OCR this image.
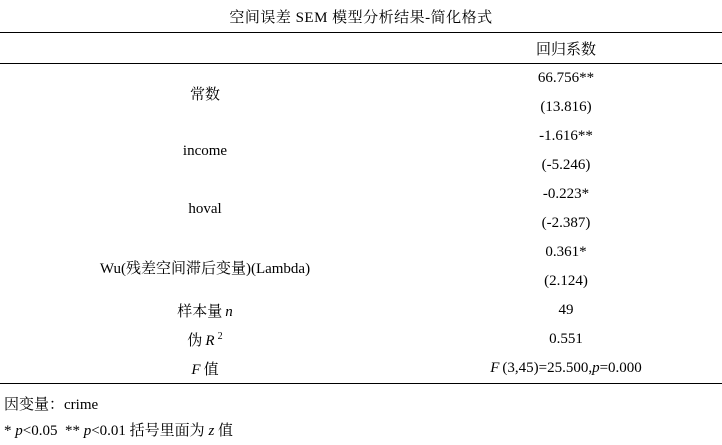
空间误差 SEM 模型分析结果-简化格式
	回归系数
常数	66.756**
	(13.816)
income	-1.616**
	(-5.246)
hoval	-0.223*
	(-2.387)
Wu(残差空间滞后变量)(Lambda)	0.361*
	(2.124)
样本量  n	49
伪  R  $^2$	0.551
F  值	F  (3,45)=25.500,p=0.000
因变量：crime
* p<0.05  ** p<0.01 括号里面为 z 值
